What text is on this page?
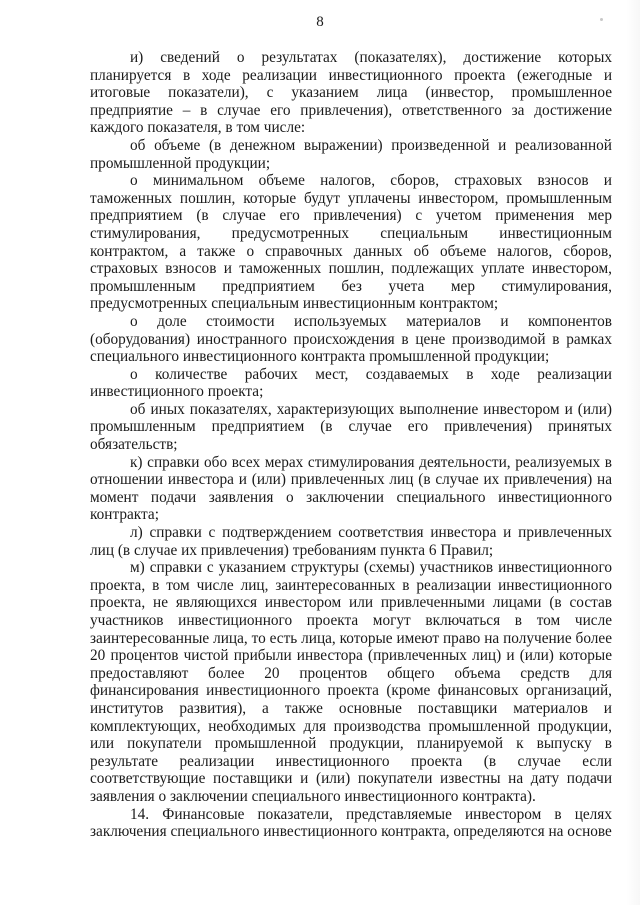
8

и) сведений о результатах (показателях), достижение которых планируется в ходе реализации инвестиционного проекта (ежегодные и итоговые показатели), с указанием лица (инвестор, промышленное предприятие – в случае его привлечения), ответственного за достижение каждого показателя, в том числе:

об объеме (в денежном выражении) произведенной и реализованной промышленной продукции;

о минимальном объеме налогов, сборов, страховых взносов и таможенных пошлин, которые будут уплачены инвестором, промышленным предприятием (в случае его привлечения) с учетом применения мер стимулирования, предусмотренных специальным инвестиционным контрактом, а также о справочных данных об объеме налогов, сборов, страховых взносов и таможенных пошлин, подлежащих уплате инвестором, промышленным предприятием без учета мер стимулирования, предусмотренных специальным инвестиционным контрактом;

о доле стоимости используемых материалов и компонентов (оборудования) иностранного происхождения в цене производимой в рамках специального инвестиционного контракта промышленной продукции;

о количестве рабочих мест, создаваемых в ходе реализации инвестиционного проекта;

об иных показателях, характеризующих выполнение инвестором и (или) промышленным предприятием (в случае его привлечения) принятых обязательств;

к) справки обо всех мерах стимулирования деятельности, реализуемых в отношении инвестора и (или) привлеченных лиц (в случае их привлечения) на момент подачи заявления о заключении специального инвестиционного контракта;

л) справки с подтверждением соответствия инвестора и привлеченных лиц (в случае их привлечения) требованиям пункта 6 Правил;

м) справки с указанием структуры (схемы) участников инвестиционного проекта, в том числе лиц, заинтересованных в реализации инвестиционного проекта, не являющихся инвестором или привлеченными лицами (в состав участников инвестиционного проекта могут включаться в том числе заинтересованные лица, то есть лица, которые имеют право на получение более 20 процентов чистой прибыли инвестора (привлеченных лиц) и (или) которые предоставляют более 20 процентов общего объема средств для финансирования инвестиционного проекта (кроме финансовых организаций, институтов развития), а также основные поставщики материалов и комплектующих, необходимых для производства промышленной продукции, или покупатели промышленной продукции, планируемой к выпуску в результате реализации инвестиционного проекта (в случае если соответствующие поставщики и (или) покупатели известны на дату подачи заявления о заключении специального инвестиционного контракта).

14. Финансовые показатели, представляемые инвестором в целях заключения специального инвестиционного контракта, определяются на основе
